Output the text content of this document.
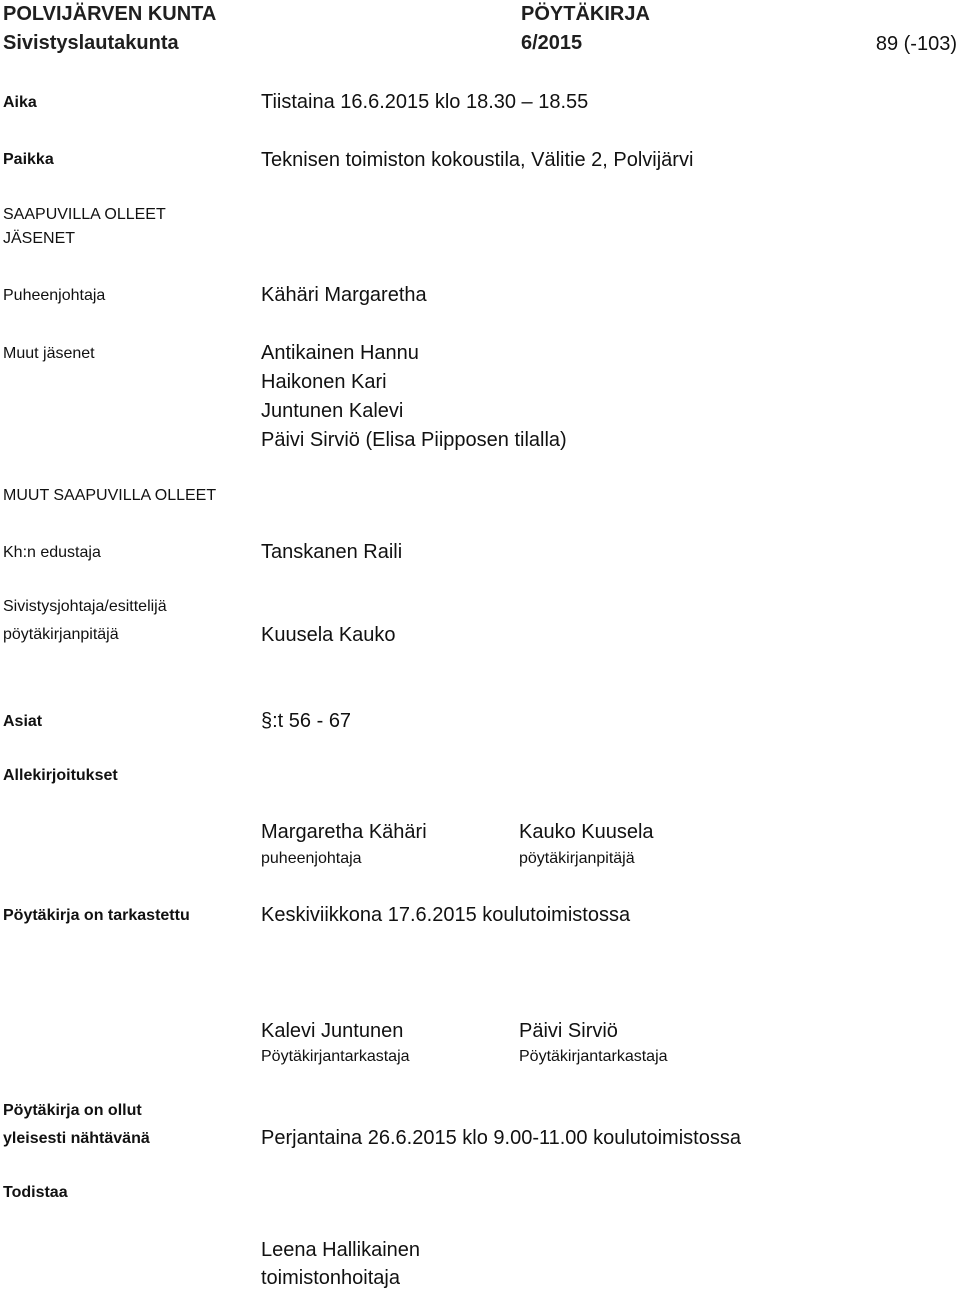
POLVIJÄRVEN KUNTA
Sivistyslautakunta
PÖYTÄKIRJA
6/2015	89 (-103)
Aika	Tiistaina 16.6.2015 klo 18.30 – 18.55
Paikka	Teknisen toimiston kokoustila, Välitie 2, Polvijärvi
SAAPUVILLA OLLEET
JÄSENET
Puheenjohtaja	Kähäri Margaretha
Muut jäsenet	Antikainen Hannu
Haikonen Kari
Juntunen Kalevi
Päivi Sirviö (Elisa Piipposen tilalla)
MUUT SAAPUVILLA OLLEET
Kh:n edustaja	Tanskanen Raili
Sivistysjohtaja/esittelijä
pöytäkirjanpitäjä	Kuusela Kauko
Asiat	§:t 56 - 67
Allekirjoitukset
Margaretha Kähäri
puheenjohtaja
Kauko Kuusela
pöytäkirjanpitäjä
Pöytäkirja on tarkastettu	Keskiviikkona 17.6.2015 koulutoimistossa
Kalevi Juntunen
Pöytäkirjantarkastaja
Päivi Sirviö
Pöytäkirjantarkastaja
Pöytäkirja on ollut
yleisesti nähtävänä	Perjantaina 26.6.2015 klo 9.00-11.00 koulutoimistossa
Todistaa
Leena Hallikainen
toimistonhoitaja
